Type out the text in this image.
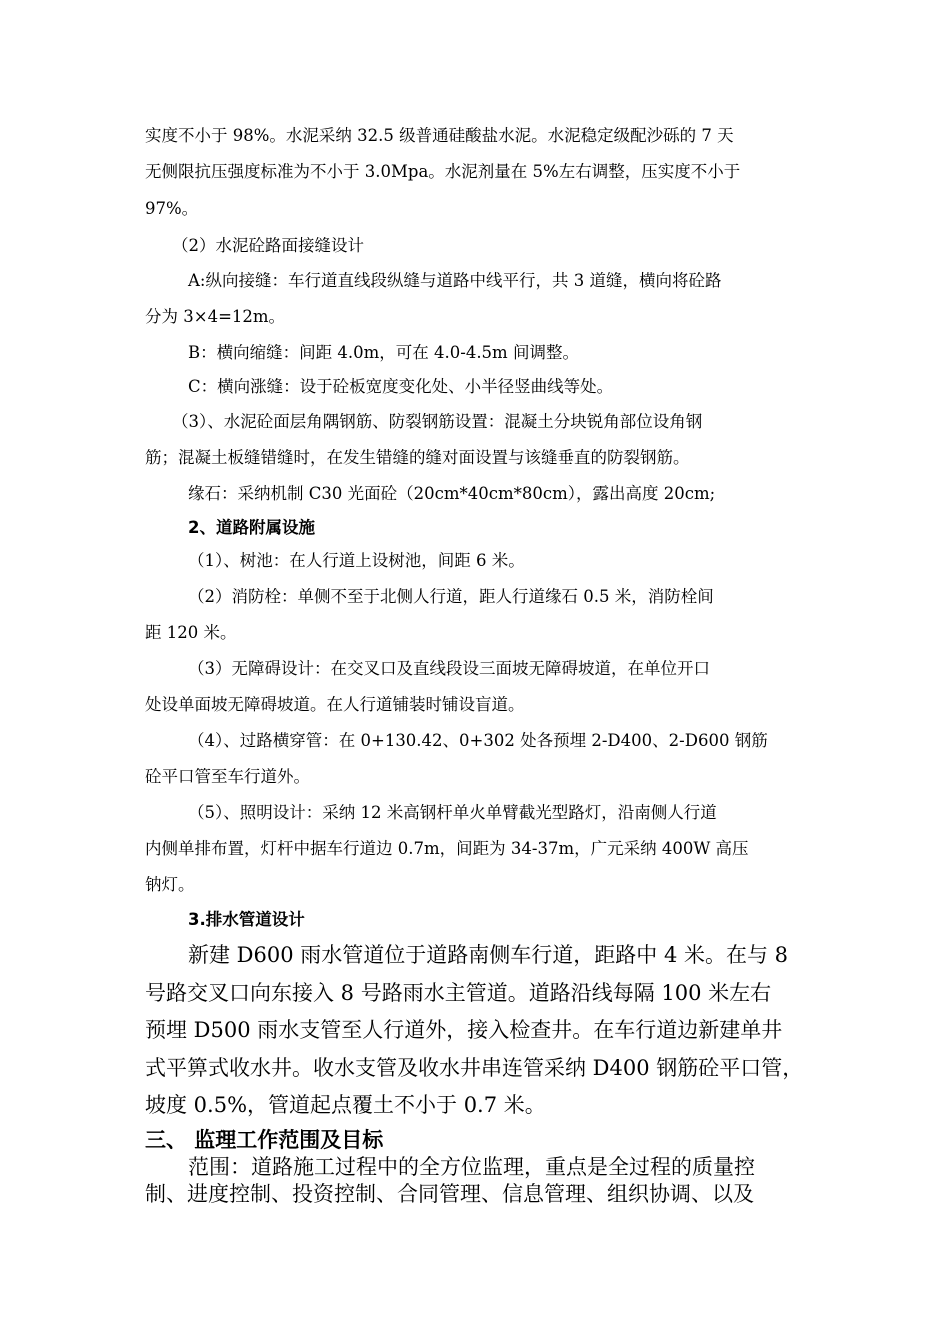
实度不小于 98%。水泥采纳 32.5 级普通硅酸盐水泥。水泥稳定级配沙砾的 7 天
无侧限抗压强度标准为不小于 3.0Mpa。水泥剂量在 5%左右调整，压实度不小于
97%。
（2）水泥砼路面接缝设计
A:纵向接缝：车行道直线段纵缝与道路中线平行，共 3 道缝，横向将砼路
分为 3×4=12m。
B：横向缩缝：间距 4.0m，可在 4.0-4.5m 间调整。
C：横向涨缝：设于砼板宽度变化处、小半径竖曲线等处。
（3）、水泥砼面层角隅钢筋、防裂钢筋设置：混凝土分块锐角部位设角钢
筋；混凝土板缝错缝时，在发生错缝的缝对面设置与该缝垂直的防裂钢筋。
缘石：采纳机制 C30 光面砼（20cm*40cm*80cm），露出高度 20cm;
2、道路附属设施
（1）、树池：在人行道上设树池，间距 6 米。
（2）消防栓：单侧不至于北侧人行道，距人行道缘石 0.5 米，消防栓间
距 120 米。
（3）无障碍设计：在交叉口及直线段设三面坡无障碍坡道，在单位开口
处设单面坡无障碍坡道。在人行道铺装时铺设盲道。
（4）、过路横穿管：在 0+130.42、0+302 处各预埋 2-D400、2-D600 钢筋
砼平口管至车行道外。
（5）、照明设计：采纳 12 米高钢杆单火单臂截光型路灯，沿南侧人行道
内侧单排布置，灯杆中据车行道边 0.7m，间距为 34-37m，广元采纳 400W 高压
钠灯。
3.排水管道设计
新建 D600 雨水管道位于道路南侧车行道，距路中 4 米。在与 8
号路交叉口向东接入 8 号路雨水主管道。道路沿线每隔 100 米左右
预埋 D500 雨水支管至人行道外，接入检查井。在车行道边新建单井
式平箅式收水井。收水支管及收水井串连管采纳 D400 钢筋砼平口管，
坡度 0.5%，管道起点覆土不小于 0.7 米。
三、 监理工作范围及目标
范围：道路施工过程中的全方位监理，重点是全过程的质量控
制、进度控制、投资控制、合同管理、信息管理、组织协调、以及
